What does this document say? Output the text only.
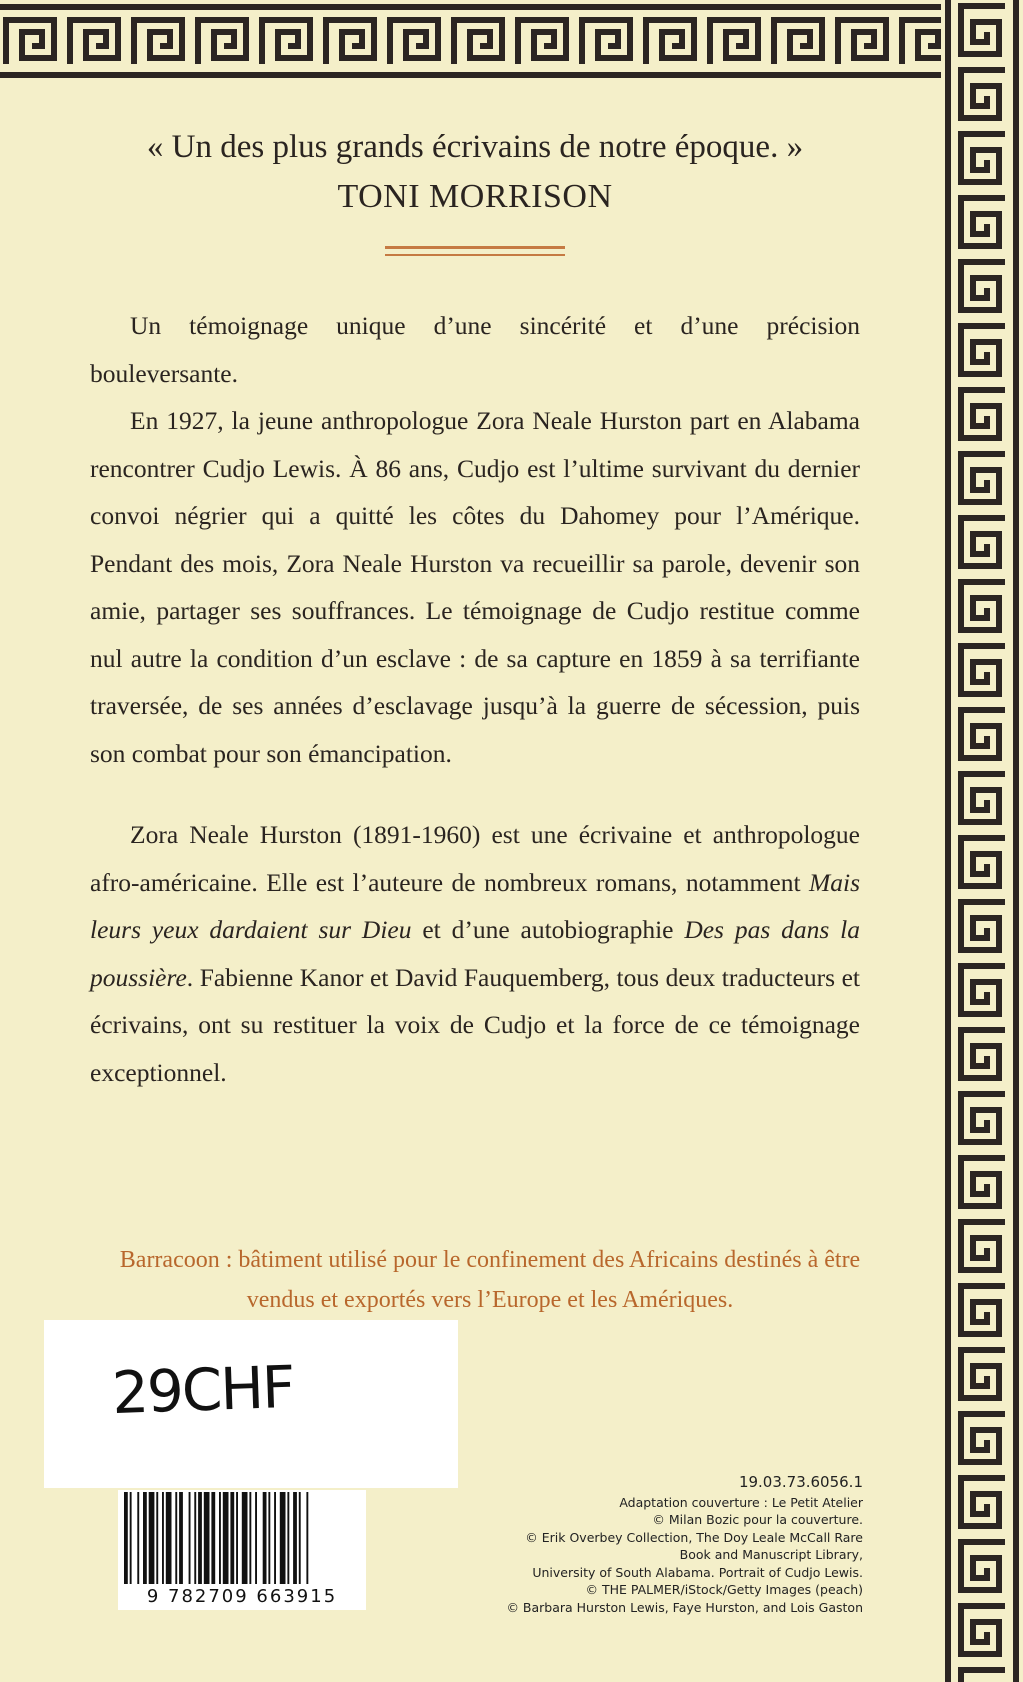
« Un des plus grands écrivains de notre époque. »

TONI MORRISON

Un témoignage unique d’une sincérité et d’une précision bouleversante.

En 1927, la jeune anthropologue Zora Neale Hurston part en Alabama rencontrer Cudjo Lewis. À 86 ans, Cudjo est l’ultime survivant du dernier convoi négrier qui a quitté les côtes du Dahomey pour l’Amérique. Pendant des mois, Zora Neale Hurston va recueillir sa parole, devenir son amie, partager ses souffrances. Le témoignage de Cudjo restitue comme nul autre la condition d’un esclave : de sa capture en 1859 à sa terrifiante traversée, de ses années d’esclavage jusqu’à la guerre de sécession, puis son combat pour son émancipation.

Zora Neale Hurston (1891-1960) est une écrivaine et anthropologue afro-américaine. Elle est l’auteure de nombreux romans, notamment Mais leurs yeux dardaient sur Dieu et d’une autobiographie Des pas dans la poussière. Fabienne Kanor et David Fauquemberg, tous deux traducteurs et écrivains, ont su restituer la voix de Cudjo et la force de ce témoignage exceptionnel.

Barracoon : bâtiment utilisé pour le confinement des Africains destinés à être vendus et exportés vers l’Europe et les Amériques.
29CHF
9 782709 663915
19.03.73.6056.1
Adaptation couverture : Le Petit Atelier
© Milan Bozic pour la couverture.
© Erik Overbey Collection, The Doy Leale McCall Rare
Book and Manuscript Library,
University of South Alabama. Portrait of Cudjo Lewis.
© THE PALMER/iStock/Getty Images (peach)
© Barbara Hurston Lewis, Faye Hurston, and Lois Gaston
